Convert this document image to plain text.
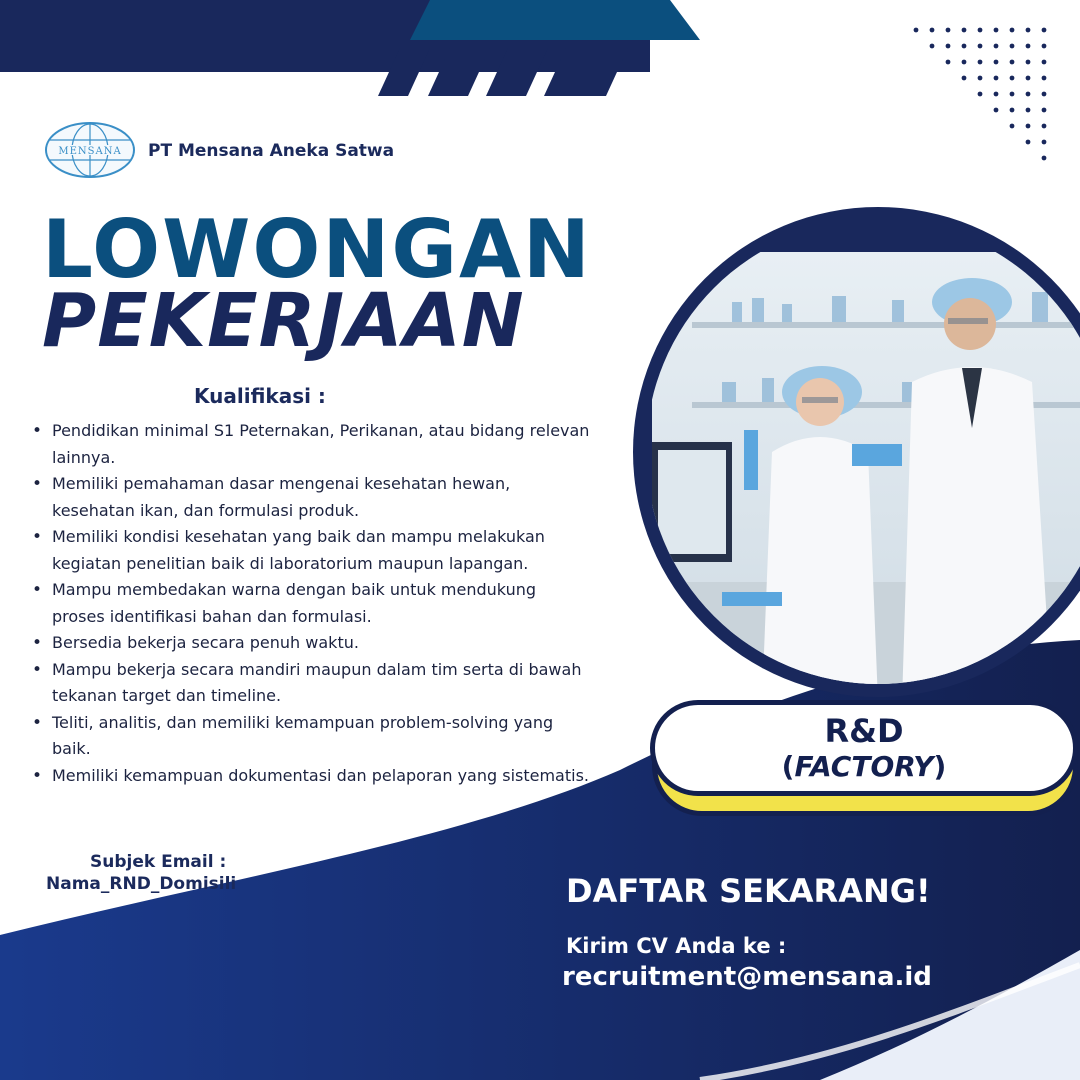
MENSANA PT Mensana Aneka Satwa
LOWONGAN
PEKERJAAN
Kualifikasi :
• Pendidikan minimal S1 Peternakan, Perikanan, atau bidang relevan lainnya.
• Memiliki pemahaman dasar mengenai kesehatan hewan, kesehatan ikan, dan formulasi produk.
• Memiliki kondisi kesehatan yang baik dan mampu melakukan kegiatan penelitian baik di laboratorium maupun lapangan.
• Mampu membedakan warna dengan baik untuk mendukung proses identifikasi bahan dan formulasi.
• Bersedia bekerja secara penuh waktu.
• Mampu bekerja secara mandiri maupun dalam tim serta di bawah tekanan target dan timeline.
• Teliti, analitis, dan memiliki kemampuan problem-solving yang baik.
• Memiliki kemampuan dokumentasi dan pelaporan yang sistematis.
Subjek Email :
Nama_RND_Domisili
R&D
(FACTORY)
DAFTAR SEKARANG!
Kirim CV Anda ke :
recruitment@mensana.id
